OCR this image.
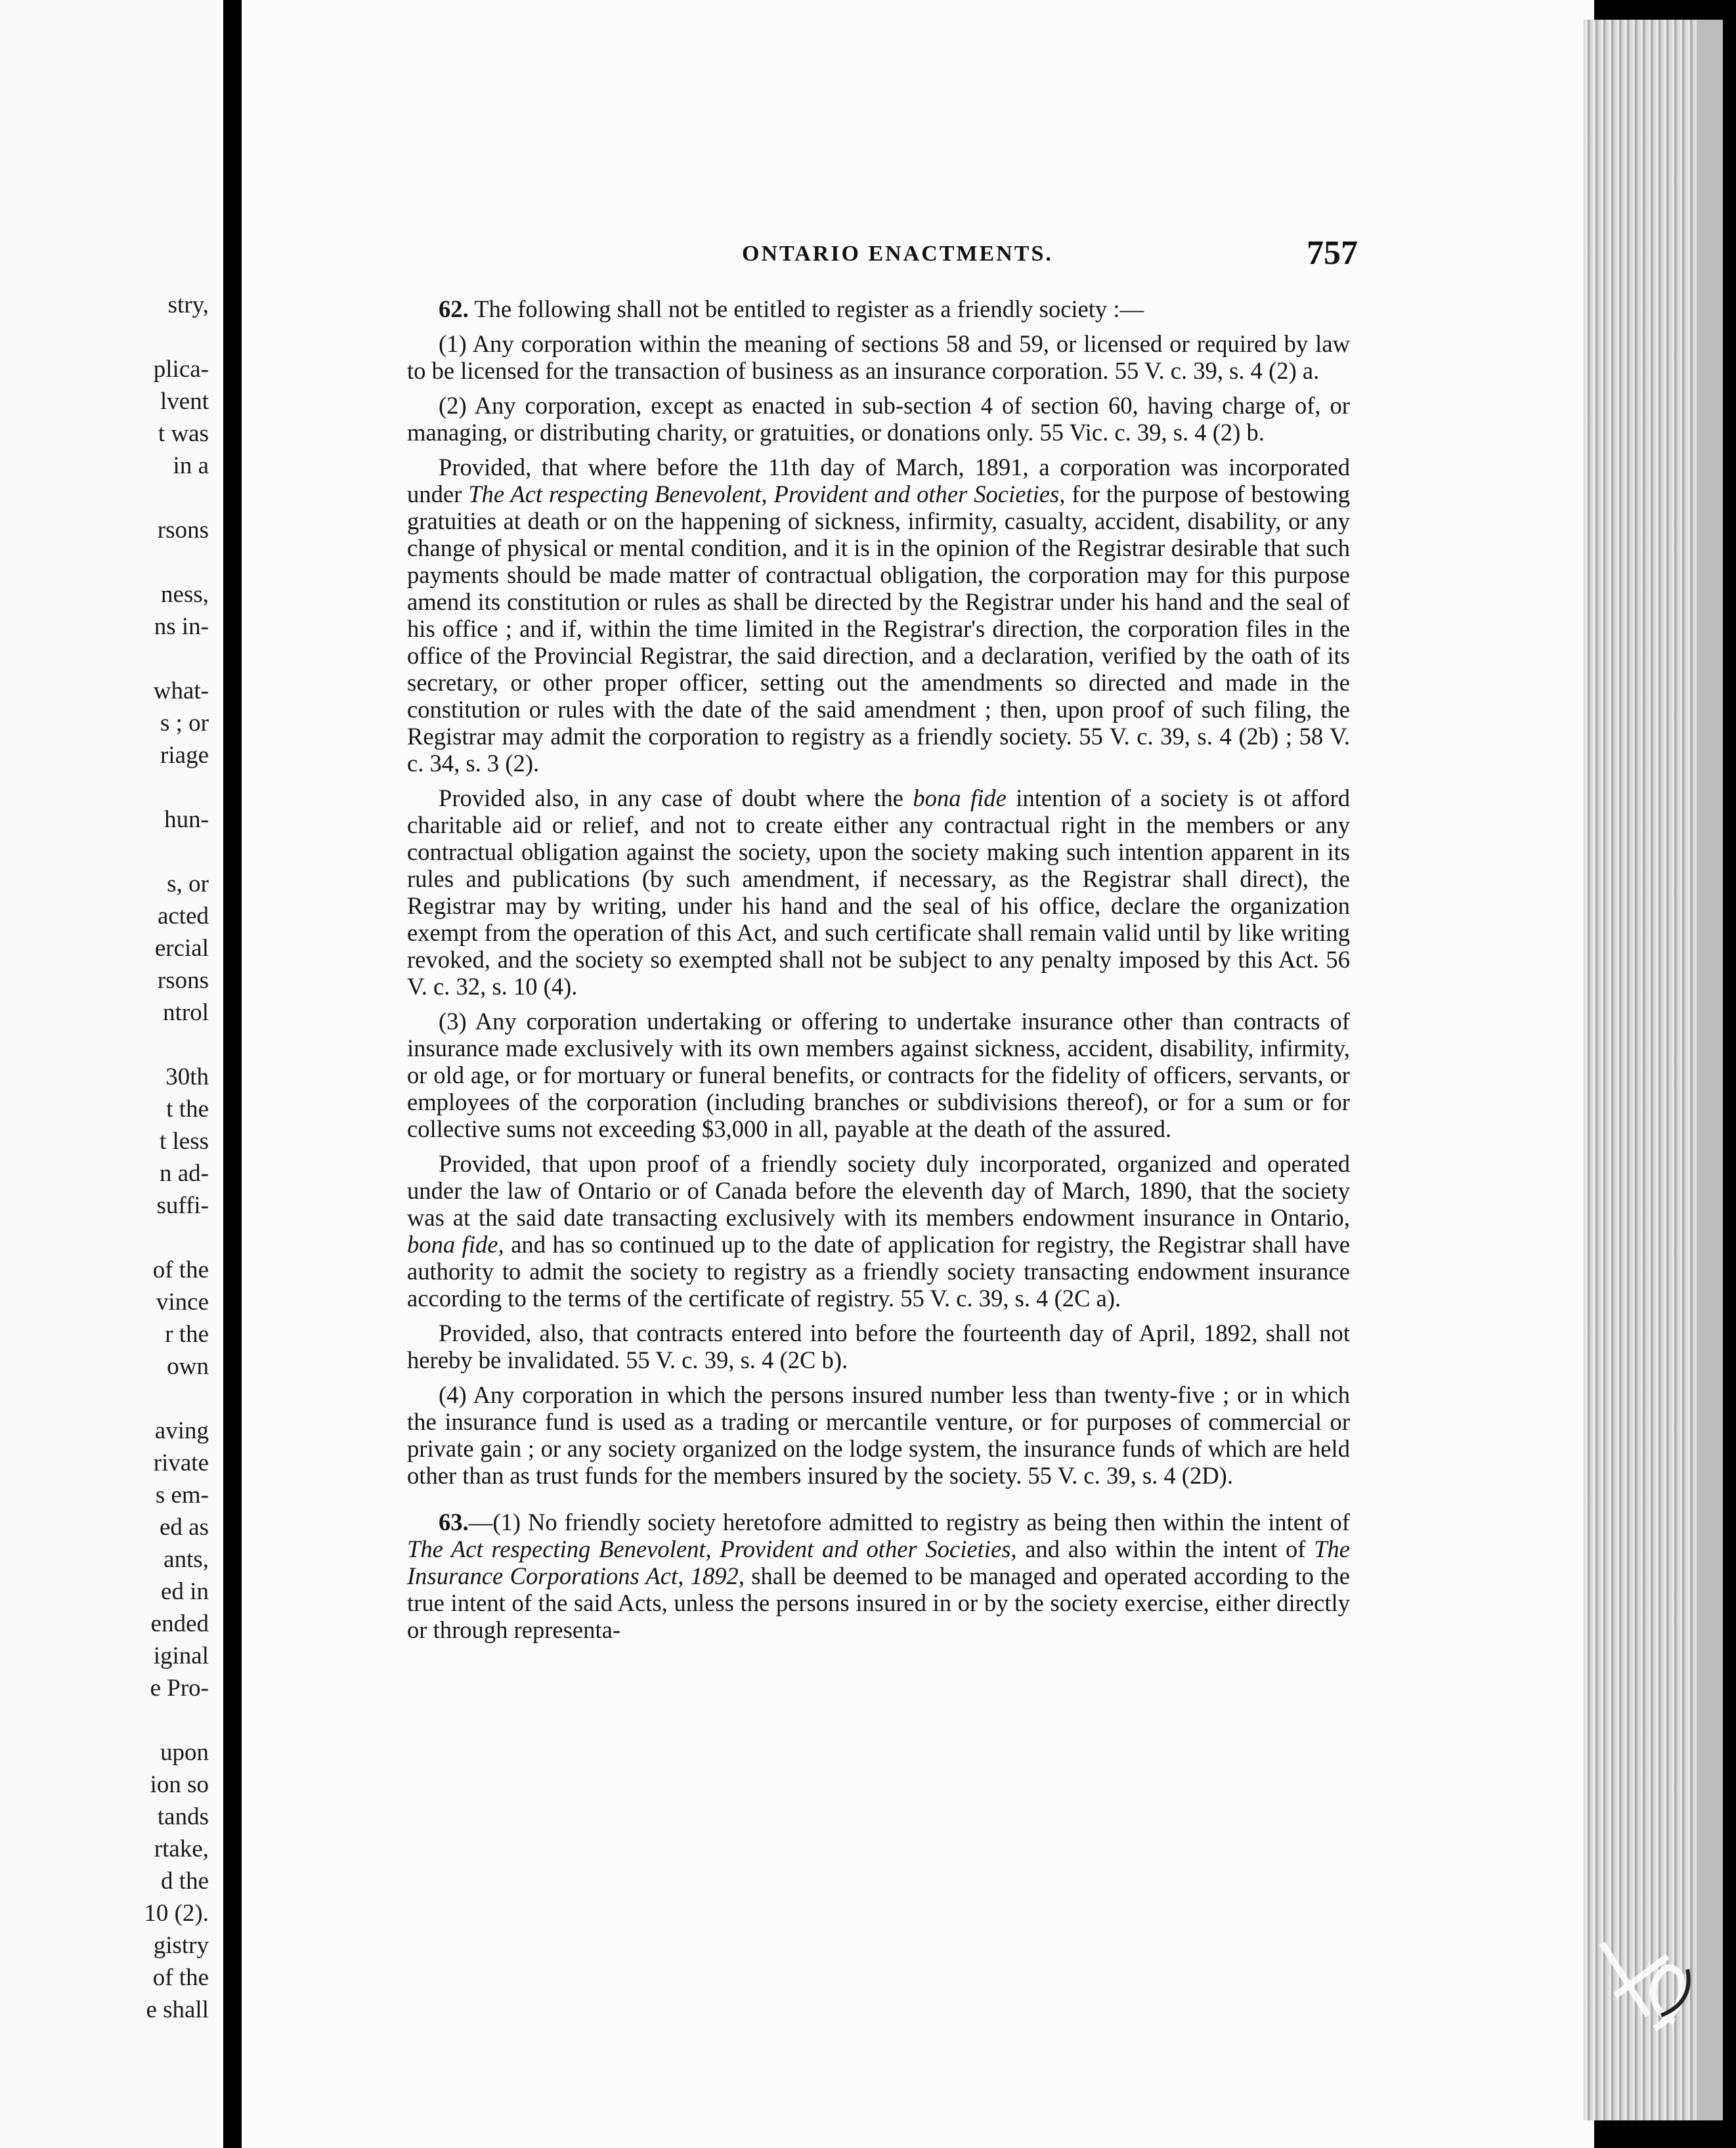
stry,
plica-
lvent
t was
in a
rsons
ness,
ns in-
what-
s ; or
riage
hun-
s, or
acted
ercial
rsons
ntrol
30th
t the
t less
n ad-
suffi-
of the
vince
r the
own
aving
rivate
s em-
ed as
ants,
ed in
ended
iginal
e Pro-
upon
ion so
tands
rtake,
d the
10 (2).
gistry
of the
e shall
ONTARIO ENACTMENTS.	757

62. The following shall not be entitled to register as a friendly society :—

(1) Any corporation within the meaning of sections 58 and 59, or licensed or required by law to be licensed for the transaction of business as an insurance corporation. 55 V. c. 39, s. 4 (2) a.

(2) Any corporation, except as enacted in sub-section 4 of section 60, having charge of, or managing, or distributing charity, or gratuities, or donations only. 55 Vic. c. 39, s. 4 (2) b.

Provided, that where before the 11th day of March, 1891, a corporation was incorporated under The Act respecting Benevolent, Provident and other Societies, for the purpose of bestowing gratuities at death or on the happening of sickness, infirmity, casualty, accident, disability, or any change of physical or mental condition, and it is in the opinion of the Registrar desirable that such payments should be made matter of contractual obligation, the corporation may for this purpose amend its constitution or rules as shall be directed by the Registrar under his hand and the seal of his office ; and if, within the time limited in the Registrar's direction, the corporation files in the office of the Provincial Registrar, the said direction, and a declaration, verified by the oath of its secretary, or other proper officer, setting out the amendments so directed and made in the constitution or rules with the date of the said amendment ; then, upon proof of such filing, the Registrar may admit the corporation to registry as a friendly society. 55 V. c. 39, s. 4 (2b) ; 58 V. c. 34, s. 3 (2).

Provided also, in any case of doubt where the bona fide intention of a society is ot afford charitable aid or relief, and not to create either any contractual right in the members or any contractual obligation against the society, upon the society making such intention apparent in its rules and publications (by such amendment, if necessary, as the Registrar shall direct), the Registrar may by writing, under his hand and the seal of his office, declare the organization exempt from the operation of this Act, and such certificate shall remain valid until by like writing revoked, and the society so exempted shall not be subject to any penalty imposed by this Act. 56 V. c. 32, s. 10 (4).

(3) Any corporation undertaking or offering to undertake insurance other than contracts of insurance made exclusively with its own members against sickness, accident, disability, infirmity, or old age, or for mortuary or funeral benefits, or contracts for the fidelity of officers, servants, or employees of the corporation (including branches or subdivisions thereof), or for a sum or for collective sums not exceeding $3,000 in all, payable at the death of the assured.

Provided, that upon proof of a friendly society duly incorporated, organized and operated under the law of Ontario or of Canada before the eleventh day of March, 1890, that the society was at the said date transacting exclusively with its members endowment insurance in Ontario, bona fide, and has so continued up to the date of application for registry, the Registrar shall have authority to admit the society to registry as a friendly society transacting endowment insurance according to the terms of the certificate of registry. 55 V. c. 39, s. 4 (2C a).

Provided, also, that contracts entered into before the fourteenth day of April, 1892, shall not hereby be invalidated. 55 V. c. 39, s. 4 (2C b).

(4) Any corporation in which the persons insured number less than twenty-five ; or in which the insurance fund is used as a trading or mercantile venture, or for purposes of commercial or private gain ; or any society organized on the lodge system, the insurance funds of which are held other than as trust funds for the members insured by the society. 55 V. c. 39, s. 4 (2D).

63.—(1) No friendly society heretofore admitted to registry as being then within the intent of The Act respecting Benevolent, Provident and other Societies, and also within the intent of The Insurance Corporations Act, 1892, shall be deemed to be managed and operated according to the true intent of the said Acts, unless the persons insured in or by the society exercise, either directly or through representa-
